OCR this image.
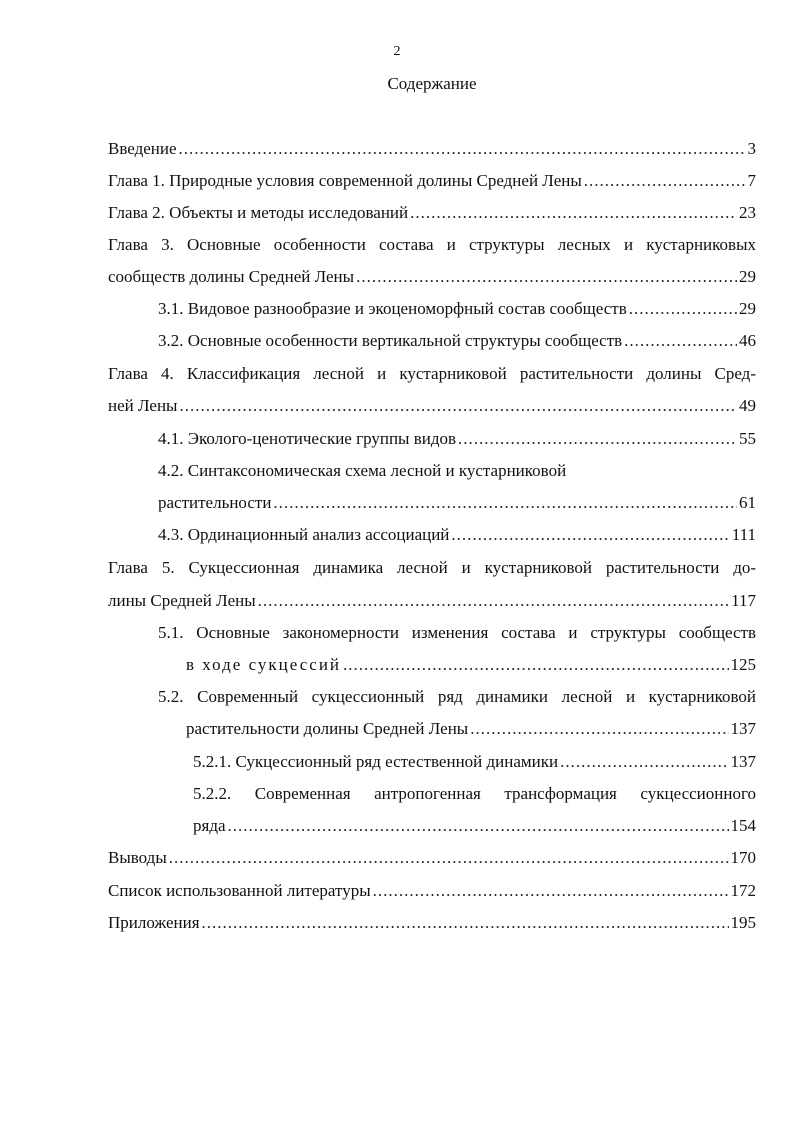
2
Содержание
Введение .....	3
Глава 1. Природные условия современной долины Средней Лены .....	7
Глава 2. Объекты и методы исследований .....	23
Глава 3. Основные особенности состава и структуры лесных и кустарниковых
сообществ долины Средней Лены .....	29
3.1. Видовое разнообразие и экоценоморфный состав сообществ .....	29
3.2. Основные особенности вертикальной структуры сообществ .....	46
Глава 4. Классификация лесной и кустарниковой растительности долины Сред-
ней Лены .....	49
4.1. Эколого-ценотические группы видов .....	55
4.2. Синтаксономическая схема лесной и кустарниковой
растительности .....	61
4.3. Ординационный анализ ассоциаций .....	111
Глава 5. Сукцессионная динамика лесной и кустарниковой растительности до-
лины Средней Лены .....	117
5.1. Основные закономерности изменения состава и структуры сообществ
в ходе сукцессий .....	125
5.2. Современный сукцессионный ряд динамики лесной и кустарниковой
растительности долины Средней Лены .....	137
5.2.1. Сукцессионный ряд естественной динамики .....	137
5.2.2. Современная антропогенная трансформация сукцессионного
ряда .....	154
Выводы .....	170
Список использованной литературы .....	172
Приложения .....	195
